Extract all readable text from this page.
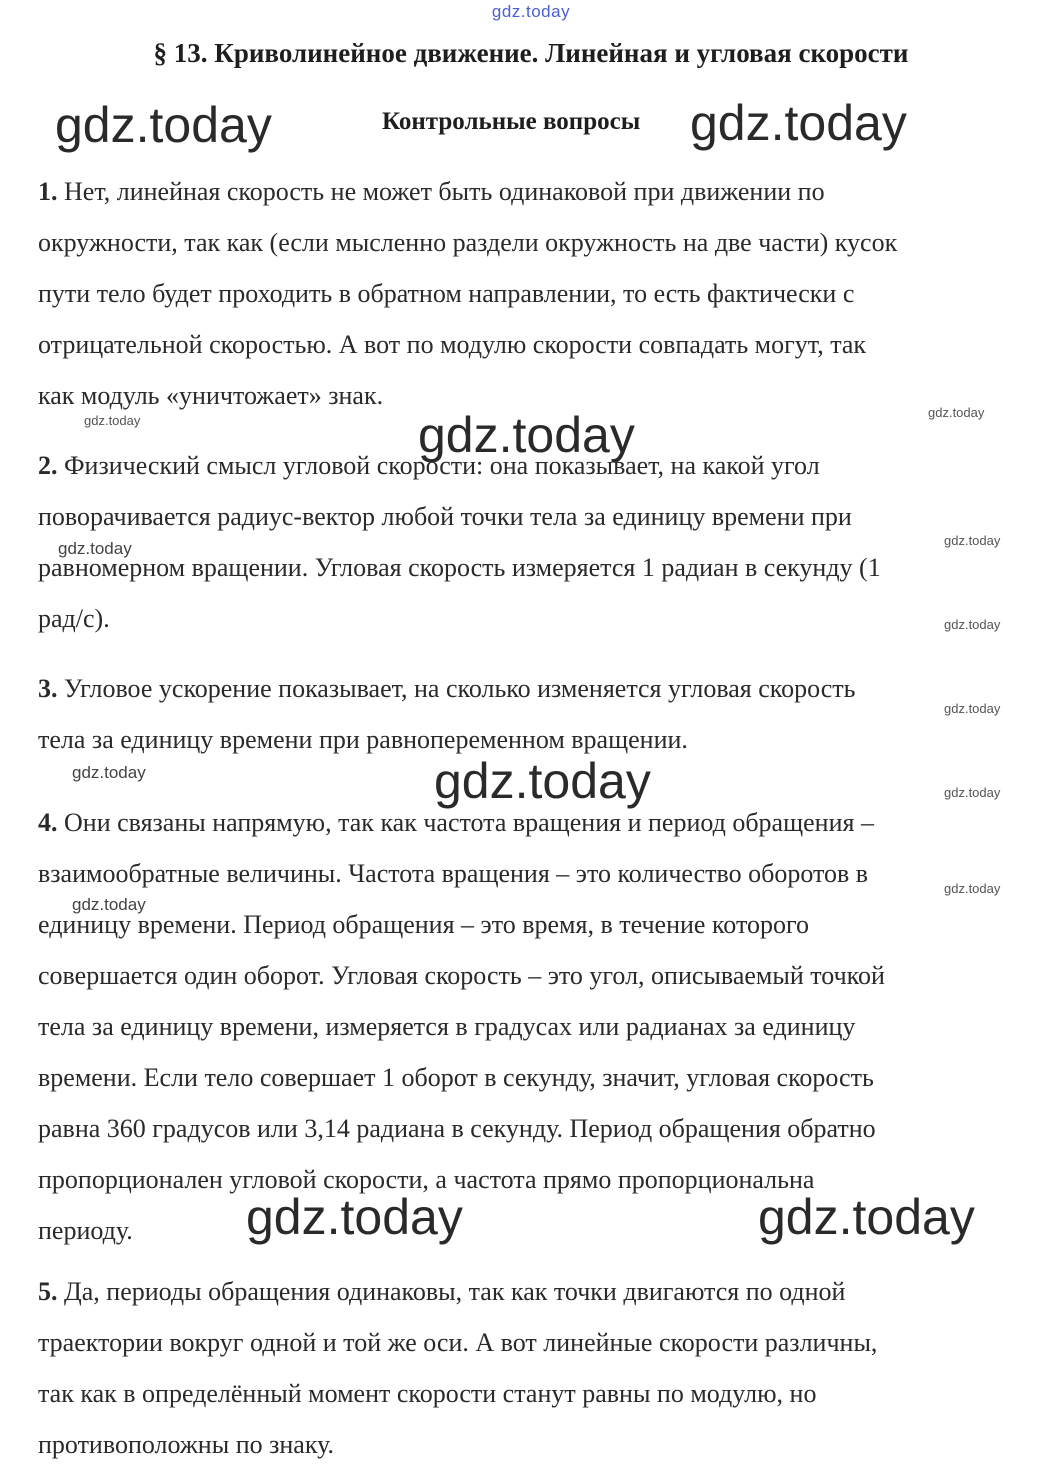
gdz.today
§ 13. Криволинейное движение. Линейная и угловая скорости
gdz.today	Контрольные вопросы gdz.today
1. Нет, линейная скорость не может быть одинаковой при движении по
окружности, так как (если мысленно раздели окружность на две части) кусок
пути тело будет проходить в обратном направлении, то есть фактически с
отрицательной скоростью. А вот по модулю скорости совпадать могут, так
как модуль «уничтожает» знак.
gdz.today
gdz.today
gdz.today
2. Физический смысл угловой скорости: она показывает, на какой угол
поворачивается радиус-вектор любой точки тела за единицу времени при
равномерном вращении. Угловая скорость измеряется 1 радиан в секунду (1
рад/с).
gdz.today	gdz.today
gdz.today
3. Угловое ускорение показывает, на сколько изменяется угловая скорость
тела за единицу времени при равнопеременном вращении.
gdz.today
gdz.today	gdz.today	gdz.today
4. Они связаны напрямую, так как частота вращения и период обращения –
взаимообратные величины. Частота вращения – это количество оборотов в
единицу времени. Период обращения – это время, в течение которого
совершается один оборот. Угловая скорость – это угол, описываемый точкой
тела за единицу времени, измеряется в градусах или радианах за единицу
времени. Если тело совершает 1 оборот в секунду, значит, угловая скорость
равна 360 градусов или 3,14 радиана в секунду. Период обращения обратно
пропорционален угловой скорости, а частота прямо пропорциональна
периоду.
gdz.today
gdz.today
gdz.today	gdz.today
5. Да, периоды обращения одинаковы, так как точки двигаются по одной
траектории вокруг одной и той же оси. А вот линейные скорости различны,
так как в определённый момент скорости станут равны по модулю, но
противоположны по знаку.
